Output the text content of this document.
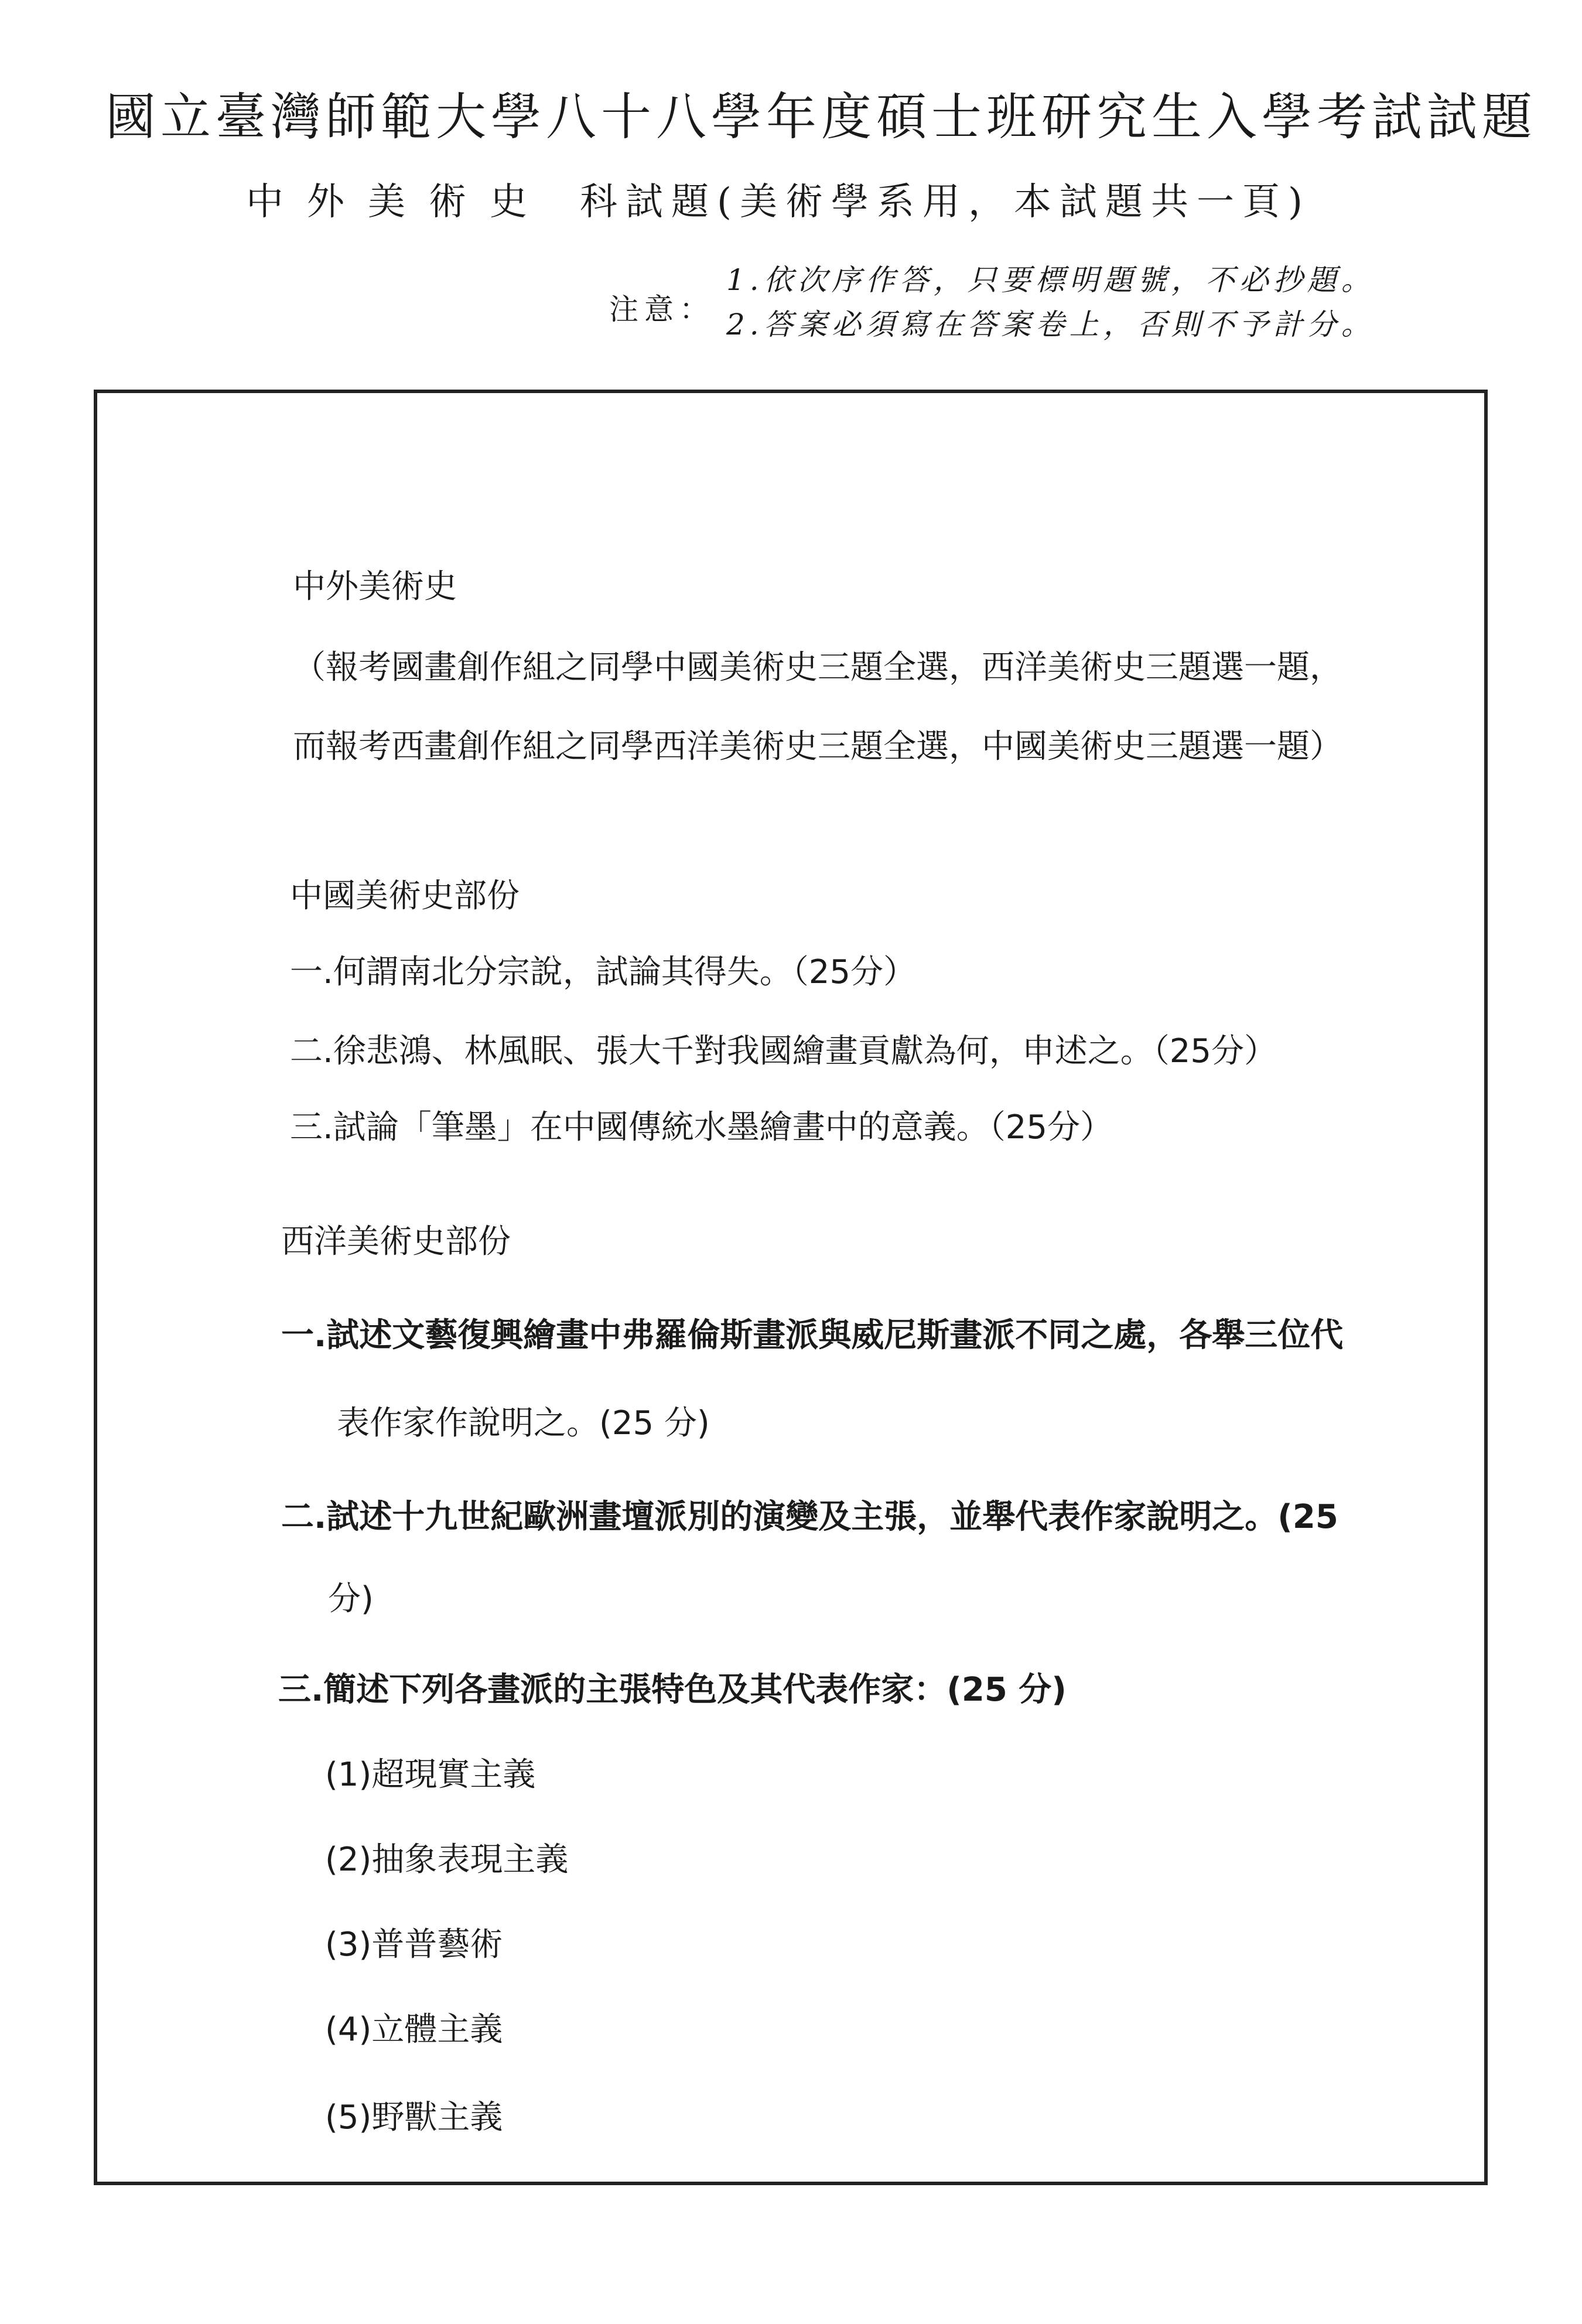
國立臺灣師範大學八十八學年度碩士班研究生入學考試試題
中外美術史 科試題(美術學系用，本試題共一頁)
注意：
1.依次序作答，只要標明題號，不必抄題。
2.答案必須寫在答案卷上，否則不予計分。
中外美術史
（報考國畫創作組之同學中國美術史三題全選，西洋美術史三題選一題，
而報考西畫創作組之同學西洋美術史三題全選，中國美術史三題選一題）
中國美術史部份
一.何謂南北分宗說，試論其得失。（25分）
二.徐悲鴻、林風眠、張大千對我國繪畫貢獻為何，申述之。（25分）
三.試論「筆墨」在中國傳統水墨繪畫中的意義。（25分）
西洋美術史部份
一.試述文藝復興繪畫中弗羅倫斯畫派與威尼斯畫派不同之處，各舉三位代
表作家作說明之。(25 分)
二.試述十九世紀歐洲畫壇派別的演變及主張，並舉代表作家說明之。(25
分)
三.簡述下列各畫派的主張特色及其代表作家：(25 分)
(1)超現實主義
(2)抽象表現主義
(3)普普藝術
(4)立體主義
(5)野獸主義
